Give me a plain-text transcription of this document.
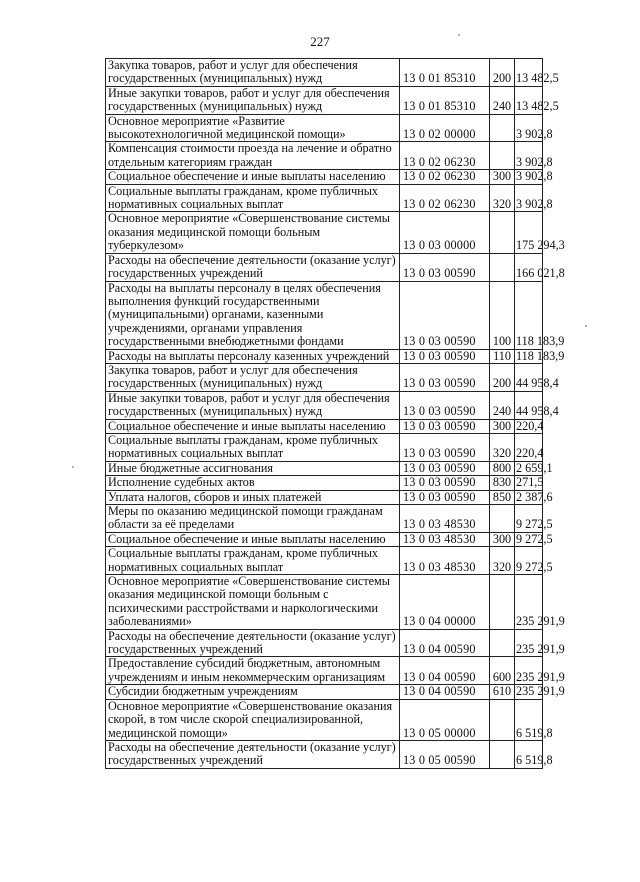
227
Закупка товаров, работ и услуг для обеспечения государственных (муниципальных) нужд	13 0 01 85310	200	13 482,5
Иные закупки товаров, работ и услуг для обеспечения государственных (муниципальных) нужд	13 0 01 85310	240	13 482,5
Основное мероприятие «Развитие высокотехнологичной медицинской помощи»	13 0 02 00000		3 902,8
Компенсация стоимости проезда на лечение и обратно отдельным категориям граждан	13 0 02 06230		3 902,8
Социальное обеспечение и иные выплаты населению	13 0 02 06230	300	3 902,8
Социальные выплаты гражданам, кроме публичных нормативных социальных выплат	13 0 02 06230	320	3 902,8
Основное мероприятие «Совершенствование системы оказания медицинской помощи больным туберкулезом»	13 0 03 00000		175 294,3
Расходы на обеспечение деятельности (оказание услуг) государственных учреждений	13 0 03 00590		166 021,8
Расходы на выплаты персоналу в целях обеспечения выполнения функций государственными (муниципальными) органами, казенными учреждениями, органами управления государственными внебюджетными фондами	13 0 03 00590	100	118 183,9
Расходы на выплаты персоналу казенных учреждений	13 0 03 00590	110	118 183,9
Закупка товаров, работ и услуг для обеспечения государственных (муниципальных) нужд	13 0 03 00590	200	44 958,4
Иные закупки товаров, работ и услуг для обеспечения государственных (муниципальных) нужд	13 0 03 00590	240	44 958,4
Социальное обеспечение и иные выплаты населению	13 0 03 00590	300	220,4
Социальные выплаты гражданам, кроме публичных нормативных социальных выплат	13 0 03 00590	320	220,4
Иные бюджетные ассигнования	13 0 03 00590	800	2 659,1
Исполнение судебных актов	13 0 03 00590	830	271,5
Уплата налогов, сборов и иных платежей	13 0 03 00590	850	2 387,6
Меры по оказанию медицинской помощи гражданам области за её пределами	13 0 03 48530		9 272,5
Социальное обеспечение и иные выплаты населению	13 0 03 48530	300	9 272,5
Социальные выплаты гражданам, кроме публичных нормативных социальных выплат	13 0 03 48530	320	9 272,5
Основное мероприятие «Совершенствование системы оказания медицинской помощи больным с психическими расстройствами и наркологическими заболеваниями»	13 0 04 00000		235 291,9
Расходы на обеспечение деятельности (оказание услуг) государственных учреждений	13 0 04 00590		235 291,9
Предоставление субсидий бюджетным, автономным учреждениям и иным некоммерческим организациям	13 0 04 00590	600	235 291,9
Субсидии бюджетным учреждениям	13 0 04 00590	610	235 291,9
Основное мероприятие «Совершенствование оказания скорой, в том числе скорой специализированной, медицинской помощи»	13 0 05 00000		6 519,8
Расходы на обеспечение деятельности (оказание услуг) государственных учреждений	13 0 05 00590		6 519,8
